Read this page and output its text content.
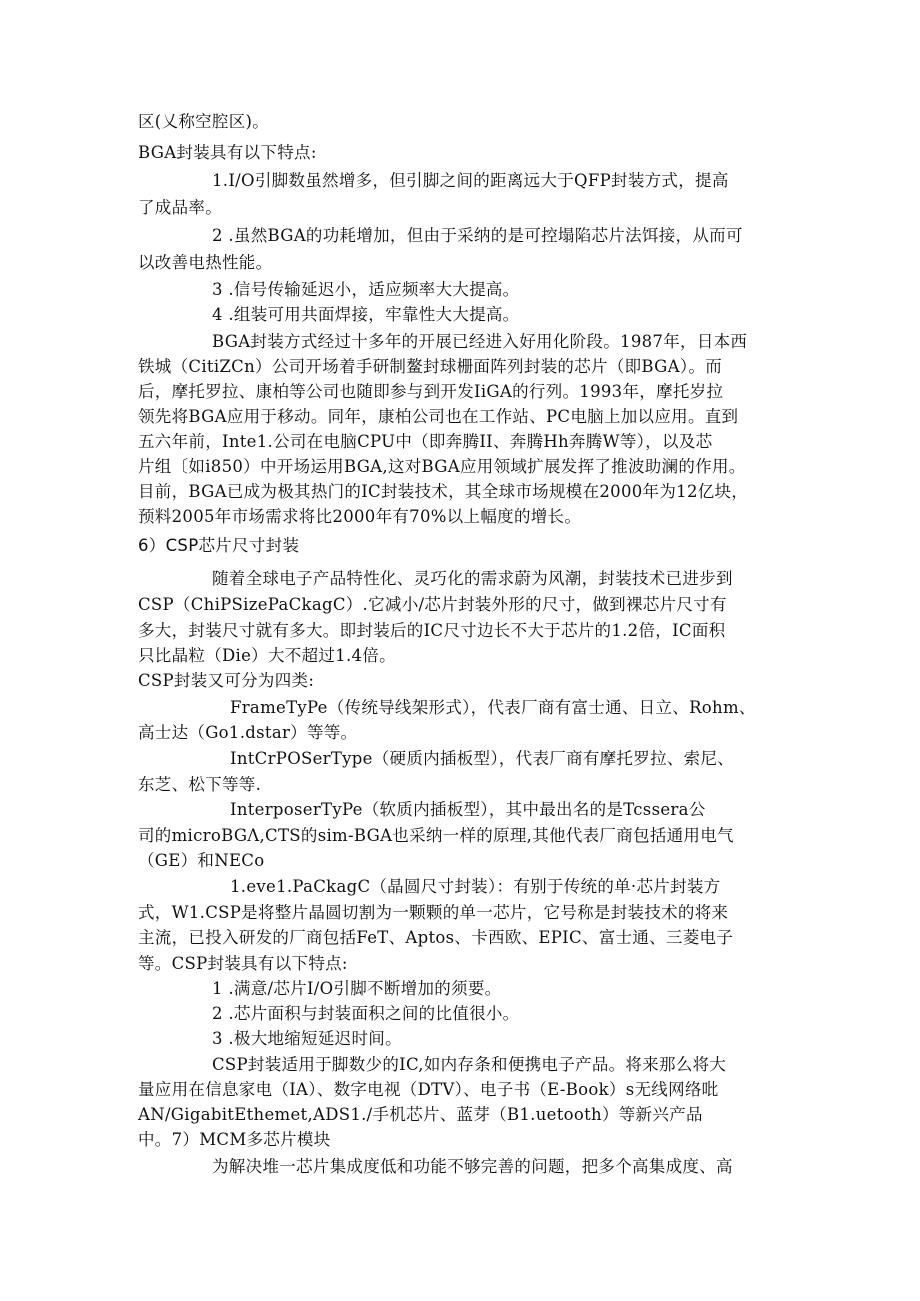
区(乂称空腔区)。
BGA封装具有以下特点:
1.I/O引脚数虽然增多，但引脚之间的距离远大于QFP封装方式，提高
了成品率。
2 .虽然BGA的功耗增加，但由于采纳的是可控塌陷芯片法饵接，从而可
以改善电热性能。
3 .信号传输延迟小，适应频率大大提高。
4 .组装可用共面焊接，牢靠性大大提高。
BGA封装方式经过十多年的开展已经进入好用化阶段。1987年，日本西
铁城（CitiZCn）公司开场着手研制鳌封球栅面阵列封装的芯片（即BGA）。而
后，摩托罗拉、康柏等公司也随即参与到开发IiGA的行列。1993年，摩托岁拉
领先将BGA应用于移动。同年，康柏公司也在工作站、PC电脑上加以应用。直到
五六年前，Inte1.公司在电脑CPU中（即奔腾II、奔腾Hh奔腾W等），以及芯
片组〔如i850）中开场运用BGA,这对BGA应用领域扩展发挥了推波助澜的作用。
目前，BGA已成为极其热门的IC封装技术，其全球市场规模在2000年为12亿块，
预料2005年市场需求将比2000年有70%以上幅度的增长。
6）CSP芯片尺寸封装
随着全球电子产品特性化、灵巧化的需求蔚为风潮，封装技术已进步到
CSP（ChiPSizePaCkagC）.它减小/芯片封装外形的尺寸，做到裸芯片尺寸有
多大，封装尺寸就有多大。即封装后的IC尺寸边长不大于芯片的1.2倍，IC面积
只比晶粒（Die）大不超过1.4倍。
CSP封装又可分为四类:
FrameTyPe（传统导线架形式），代表厂商有富士通、日立、Rohm、
高士达（Go1.dstar）等等。
IntCrPOSerType（硬质内插板型），代表厂商有摩托罗拉、索尼、
东芝、松下等等.
InterposerTyPe（软质内插板型），其中最出名的是Tcssera公
司的microBGΛ,CTS的sim-BGA也采纳一样的原理,其他代表厂商包括通用电气
（GE）和NECo
1.eve1.PaCkagC（晶圆尺寸封装）：有别于传统的单·芯片封装方
式，W1.CSP是将整片晶圆切割为一颗颗的单一芯片，它号称是封装技术的将来
主流，已投入研发的厂商包括FeT、Aptos、卡西欧、EPIC、富士通、三菱电子
等。CSP封装具有以下特点:
1 .满意/芯片I/O引脚不断增加的须要。
2 .芯片面积与封装面积之间的比值很小。
3 .极大地缩短延迟时间。
CSP封装适用于脚数少的IC,如内存条和便携电子产品。将来那么将大
量应用在信息家电（IA）、数字电视（DTV）、电子书（E-Book）s无线网络吡
AN/GigabitEthemet,ADS1./手机芯片、蓝芽（B1.uetooth）等新兴产品
中。7）MCM多芯片模块
为解决堆一芯片集成度低和功能不够完善的问题，把多个高集成度、高
